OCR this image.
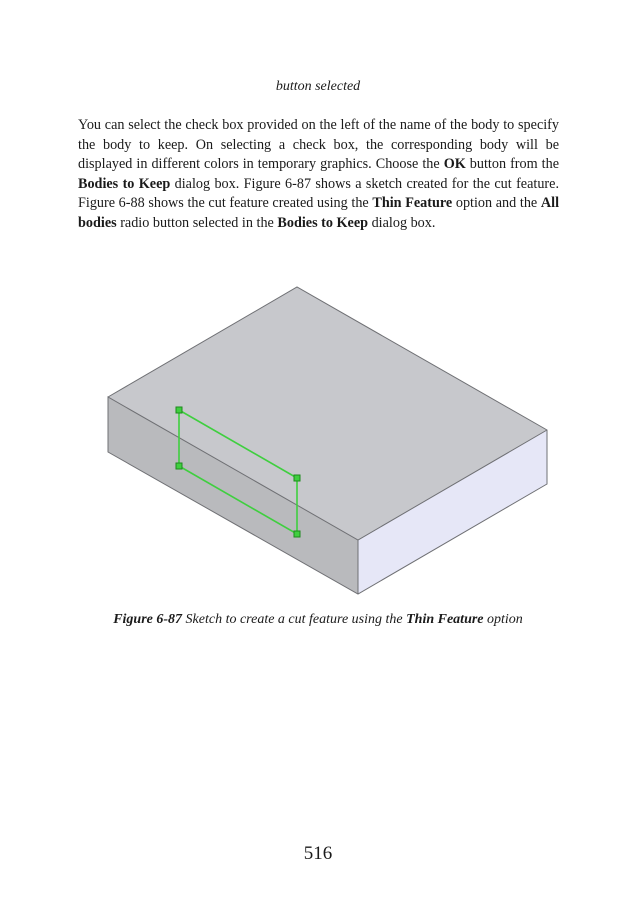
button selected

You can select the check box provided on the left of the name of the body to specify the body to keep. On selecting a check box, the corresponding body will be displayed in different colors in temporary graphics. Choose the OK button from the Bodies to Keep dialog box. Figure 6-87 shows a sketch created for the cut feature. Figure 6-88 shows the cut feature created using the Thin Feature option and the All bodies radio button selected in the Bodies to Keep dialog box.

Figure 6-87 Sketch to create a cut feature using the Thin Feature option
516
